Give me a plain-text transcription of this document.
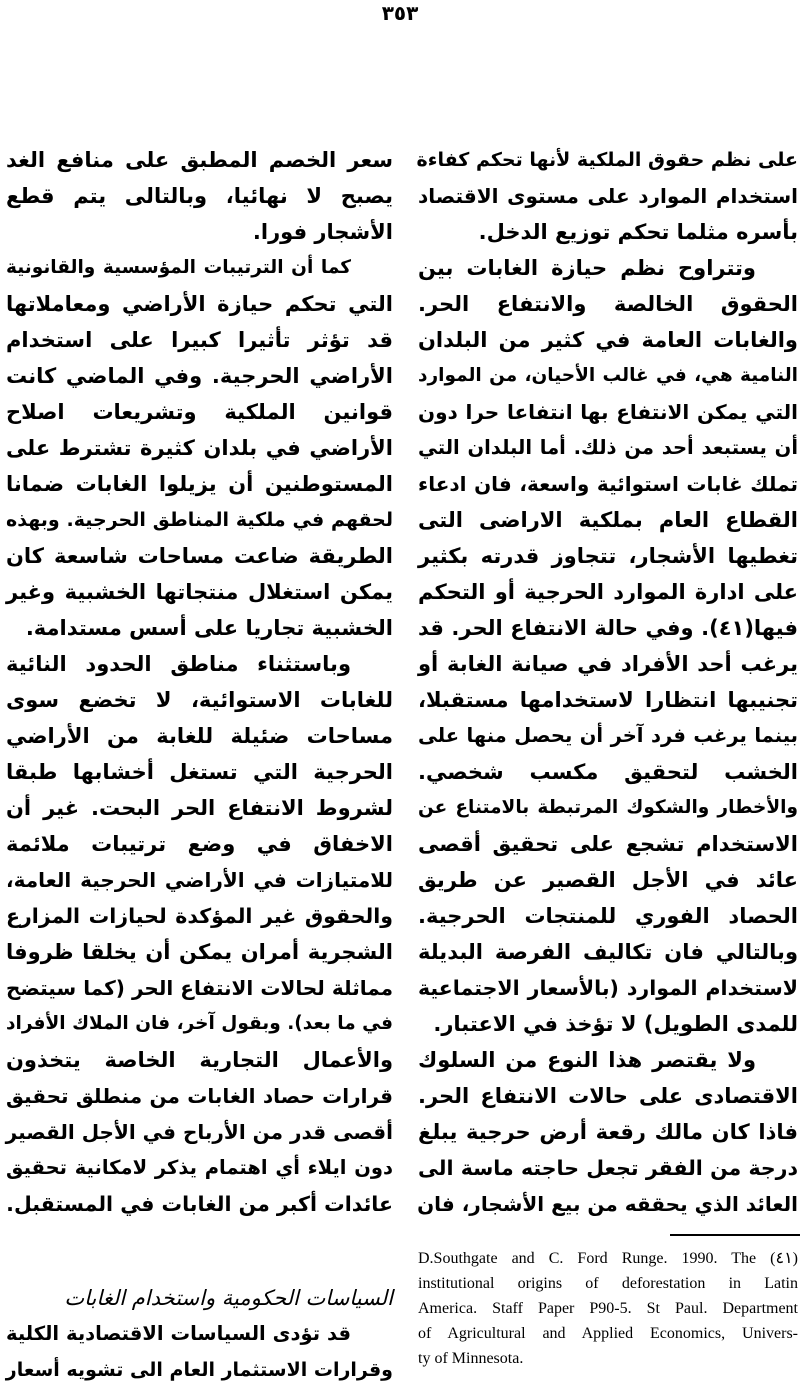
٣٥٣
على نظم حقوق الملكية لأنها تحكم كفاءة
استخدام الموارد على مستوى الاقتصاد
بأسره مثلما تحكم توزيع الدخل.
وتتراوح نظم حيازة الغابات بين
الحقوق الخالصة والانتفاع الحر.
والغابات العامة في كثير من البلدان
النامية هي، في غالب الأحيان، من الموارد
التي يمكن الانتفاع بها انتفاعا حرا دون
أن يستبعد أحد من ذلك. أما البلدان التي
تملك غابات استوائية واسعة، فان ادعاء
القطاع العام بملكية الاراضى التى
تغطيها الأشجار، تتجاوز قدرته بكثير
على ادارة الموارد الحرجية أو التحكم
فيها(٤١). وفي حالة الانتفاع الحر. قد
يرغب أحد الأفراد في صيانة الغابة أو
تجنيبها انتظارا لاستخدامها مستقبلا،
بينما يرغب فرد آخر أن يحصل منها على
الخشب لتحقيق مكسب شخصي.
والأخطار والشكوك المرتبطة بالامتناع عن
الاستخدام تشجع على تحقيق أقصى
عائد في الأجل القصير عن طريق
الحصاد الفوري للمنتجات الحرجية.
وبالتالي فان تكاليف الفرصة البديلة
لاستخدام الموارد (بالأسعار الاجتماعية
للمدى الطويل) لا تؤخذ في الاعتبار.
ولا يقتصر هذا النوع من السلوك
الاقتصادى على حالات الانتفاع الحر.
فاذا كان مالك رقعة أرض حرجية يبلغ
درجة من الفقر تجعل حاجته ماسة الى
العائد الذي يحققه من بيع الأشجار، فان
سعر الخصم المطبق على منافع الغد
يصبح لا نهائيا، وبالتالى يتم قطع
الأشجار فورا.
كما أن الترتيبات المؤسسية والقانونية
التي تحكم حيازة الأراضي ومعاملاتها
قد تؤثر تأثيرا كبيرا على استخدام
الأراضي الحرجية. وفي الماضي كانت
قوانين الملكية وتشريعات اصلاح
الأراضي في بلدان كثيرة تشترط على
المستوطنين أن يزيلوا الغابات ضمانا
لحقهم في ملكية المناطق الحرجية. وبهذه
الطريقة ضاعت مساحات شاسعة كان
يمكن استغلال منتجاتها الخشبية وغير
الخشبية تجاريا على أسس مستدامة.
وباستثناء مناطق الحدود النائية
للغابات الاستوائية، لا تخضع سوى
مساحات ضئيلة للغابة من الأراضي
الحرجية التي تستغل أخشابها طبقا
لشروط الانتفاع الحر البحت. غير أن
الاخفاق في وضع ترتيبات ملائمة
للامتيازات في الأراضي الحرجية العامة،
والحقوق غير المؤكدة لحيازات المزارع
الشجرية أمران يمكن أن يخلقا ظروفا
مماثلة لحالات الانتفاع الحر (كما سيتضح
في ما بعد). وبقول آخر، فان الملاك الأفراد
والأعمال التجارية الخاصة يتخذون
قرارات حصاد الغابات من منطلق تحقيق
أقصى قدر من الأرباح في الأجل القصير
دون ايلاء أي اهتمام يذكر لامكانية تحقيق
عائدات أكبر من الغابات في المستقبل.
السياسات الحكومية واستخدام الغابات
قد تؤدى السياسات الاقتصادية الكلية
وقرارات الاستثمار العام الى تشويه أسعار
D.Southgate and C. Ford Runge. 1990. The (٤١)
institutional origins of deforestation in Latin
America. Staff Paper P90-5. St Paul. Department
of Agricultural and Applied Economics, Univers-
ty of Minnesota.
